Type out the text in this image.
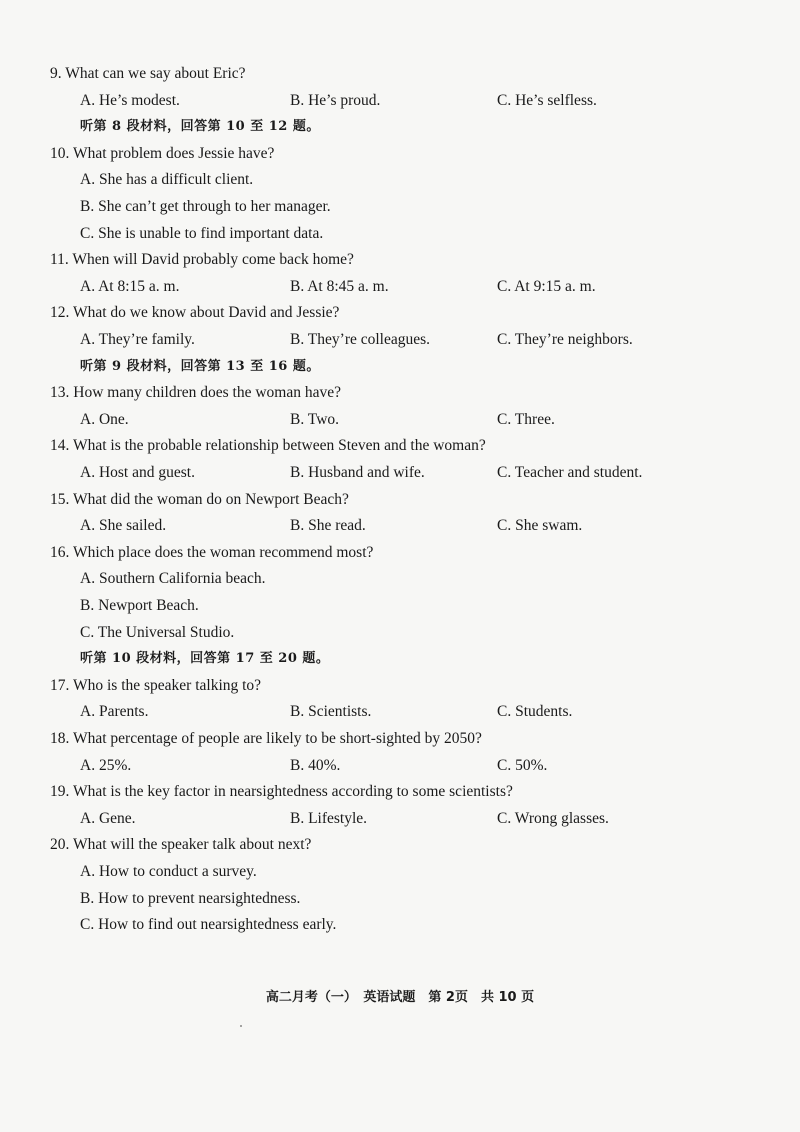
9. What can we say about Eric?
A. He’s modest.	B. He’s proud.	C. He’s selfless.
听第 8 段材料，回答第 10 至 12 题。
10. What problem does Jessie have?
A. She has a difficult client.
B. She can’t get through to her manager.
C. She is unable to find important data.
11. When will David probably come back home?
A. At 8:15 a. m.	B. At 8:45 a. m.	C. At 9:15 a. m.
12. What do we know about David and Jessie?
A. They’re family.	B. They’re colleagues.	C. They’re neighbors.
听第 9 段材料，回答第 13 至 16 题。
13. How many children does the woman have?
A. One.	B. Two.	C. Three.
14. What is the probable relationship between Steven and the woman?
A. Host and guest.	B. Husband and wife.	C. Teacher and student.
15. What did the woman do on Newport Beach?
A. She sailed.	B. She read.	C. She swam.
16. Which place does the woman recommend most?
A. Southern California beach.
B. Newport Beach.
C. The Universal Studio.
听第 10 段材料，回答第 17 至 20 题。
17. Who is the speaker talking to?
A. Parents.	B. Scientists.	C. Students.
18. What percentage of people are likely to be short-sighted by 2050?
A. 25%.	B. 40%.	C. 50%.
19. What is the key factor in nearsightedness according to some scientists?
A. Gene.	B. Lifestyle.	C. Wrong glasses.
20. What will the speaker talk about next?
A. How to conduct a survey.
B. How to prevent nearsightedness.
C. How to find out nearsightedness early.
高二月考（一）　英语试题　第 2页　共 10 页
